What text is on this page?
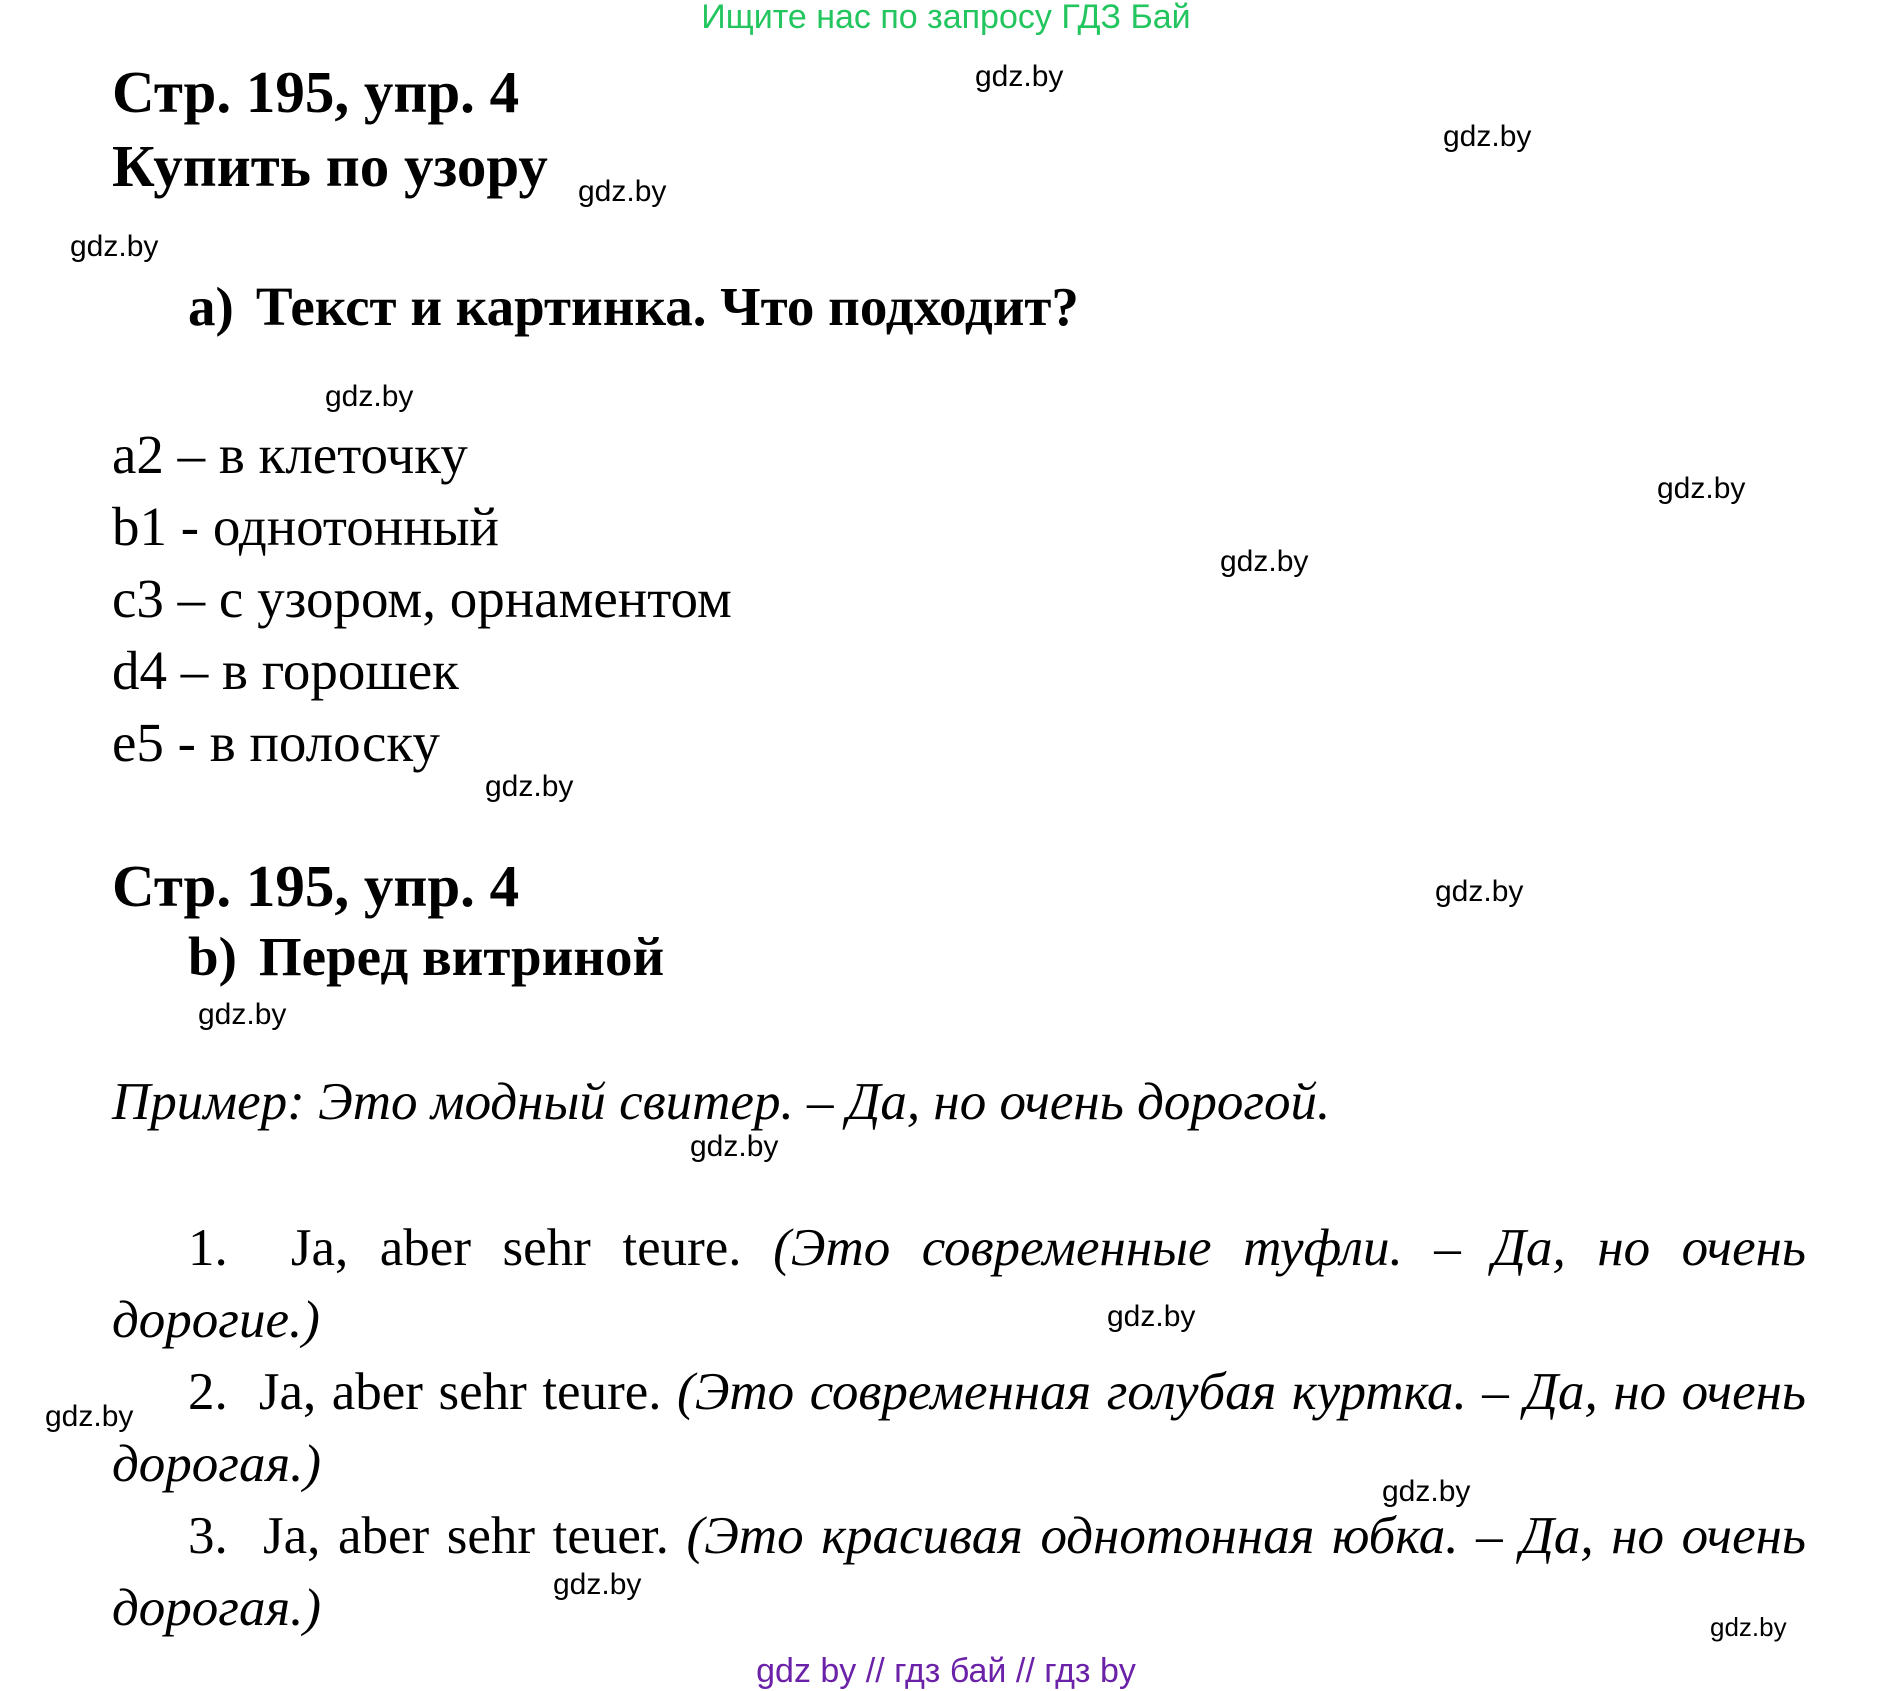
Ищите нас по запросу ГДЗ Бай
Стр. 195, упр. 4
Купить по узору
a) Текст и картинка. Что подходит?
a2 – в клеточку
b1 - однотонный
c3 – с узором, орнаментом
d4 – в горошек
e5 - в полоску
Стр. 195, упр. 4
b) Перед витриной
Пример: Это модный свитер. – Да, но очень дорогой.
1. Ja, aber sehr teure. (Это современные туфли. – Да, но очень дорогие.)
2. Ja, aber sehr teure. (Это современная голубая куртка. – Да, но очень дорогая.)
3. Ja, aber sehr teuer. (Это красивая однотонная юбка. – Да, но очень дорогая.)
gdz.by
gdz.by
gdz.by
gdz.by
gdz.by
gdz.by
gdz.by
gdz.by
gdz.by
gdz.by
gdz.by
gdz.by
gdz.by
gdz.by
gdz.by
gdz.by
gdz by // гдз бай // гдз by
